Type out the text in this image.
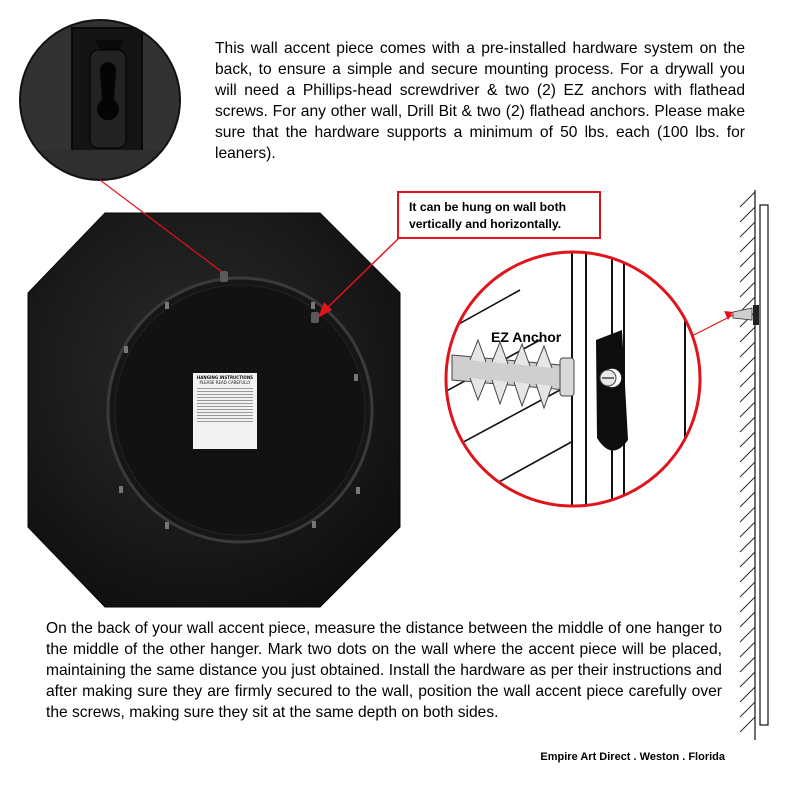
This wall accent piece comes with a pre-installed hardware system on the back, to ensure a simple and secure mounting process. For a drywall you will need a Phillips-head screwdriver & two (2) EZ anchors with flathead screws. For any other wall, Drill Bit & two (2) flathead anchors. Please make sure that the hardware supports a minimum of 50 lbs. each (100 lbs. for leaners).
It can be hung on wall both vertically and horizontally.
EZ Anchor
HANGING INSTRUCTIONS
PLEASE READ CAREFULLY
On the back of your wall accent piece, measure the distance between the middle of one hanger to the middle of the other hanger. Mark two dots on the wall where the accent piece will be placed, maintaining the same distance you just obtained. Install the hardware as per their instructions and after making sure they are firmly secured to the wall, position the wall accent piece carefully over the screws, making sure they sit at the same depth on both sides.
Empire Art Direct . Weston . Florida
